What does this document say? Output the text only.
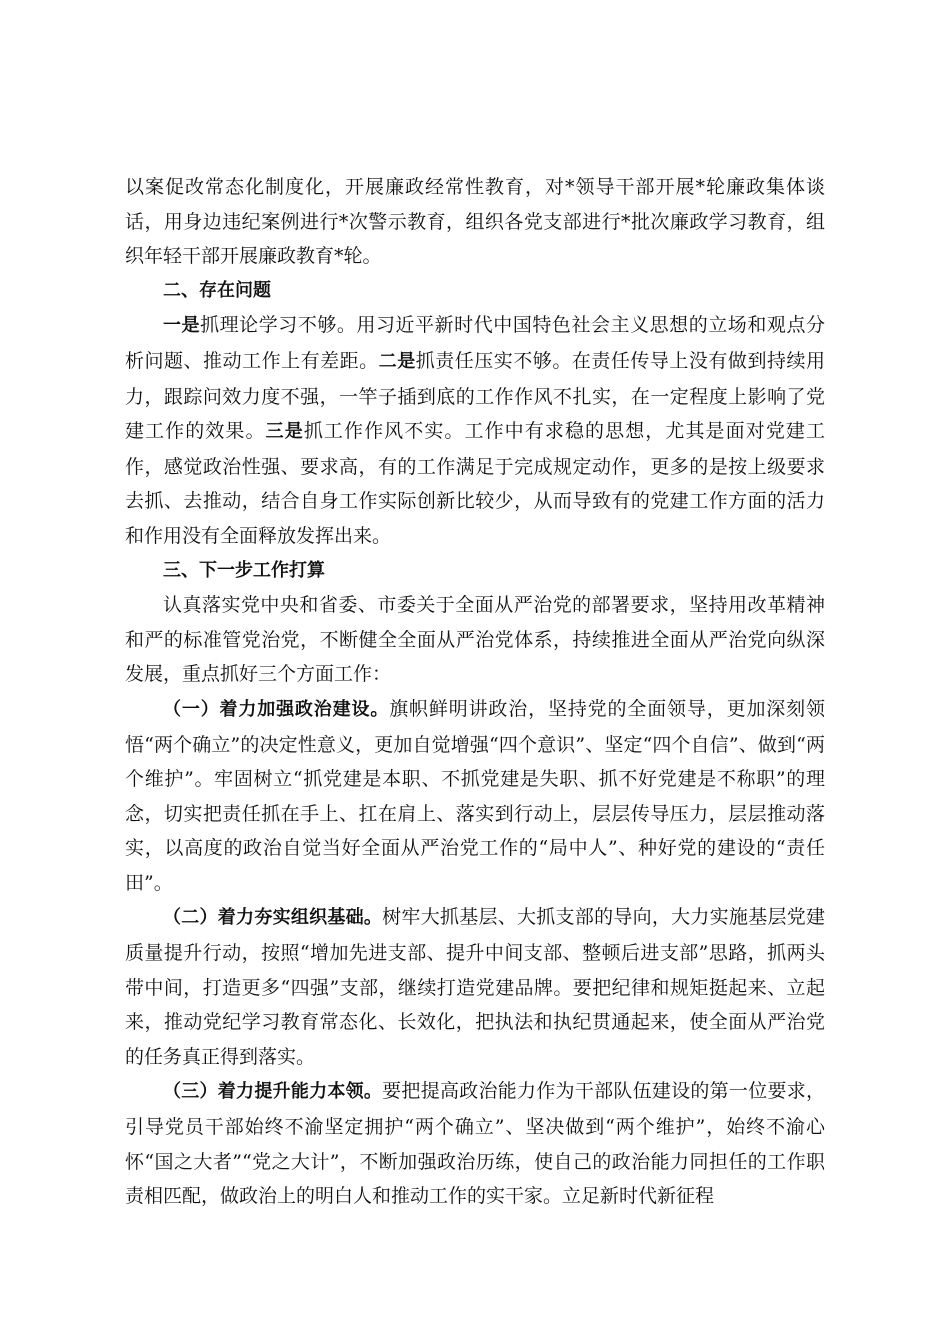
以案促改常态化制度化，开展廉政经常性教育，对*领导干部开展*轮廉政集体谈话，用身边违纪案例进行*次警示教育，组织各党支部进行*批次廉政学习教育，组织年轻干部开展廉政教育*轮。

二、存在问题

一是抓理论学习不够。用习近平新时代中国特色社会主义思想的立场和观点分析问题、推动工作上有差距。二是抓责任压实不够。在责任传导上没有做到持续用力，跟踪问效力度不强，一竿子插到底的工作作风不扎实，在一定程度上影响了党建工作的效果。三是抓工作作风不实。工作中有求稳的思想，尤其是面对党建工作，感觉政治性强、要求高，有的工作满足于完成规定动作，更多的是按上级要求去抓、去推动，结合自身工作实际创新比较少，从而导致有的党建工作方面的活力和作用没有全面释放发挥出来。

三、下一步工作打算

认真落实党中央和省委、市委关于全面从严治党的部署要求，坚持用改革精神和严的标准管党治党，不断健全全面从严治党体系，持续推进全面从严治党向纵深发展，重点抓好三个方面工作：

（一）着力加强政治建设。旗帜鲜明讲政治，坚持党的全面领导，更加深刻领悟“两个确立”的决定性意义，更加自觉增强“四个意识”、坚定“四个自信”、做到“两个维护”。牢固树立“抓党建是本职、不抓党建是失职、抓不好党建是不称职”的理念，切实把责任抓在手上、扛在肩上、落实到行动上，层层传导压力，层层推动落实，以高度的政治自觉当好全面从严治党工作的“局中人”、种好党的建设的“责任田”。

（二）着力夯实组织基础。树牢大抓基层、大抓支部的导向，大力实施基层党建质量提升行动，按照“增加先进支部、提升中间支部、整顿后进支部”思路，抓两头带中间，打造更多“四强”支部，继续打造党建品牌。要把纪律和规矩挺起来、立起来，推动党纪学习教育常态化、长效化，把执法和执纪贯通起来，使全面从严治党的任务真正得到落实。

（三）着力提升能力本领。要把提高政治能力作为干部队伍建设的第一位要求，引导党员干部始终不渝坚定拥护“两个确立”、坚决做到“两个维护”，始终不渝心怀“国之大者”“党之大计”，不断加强政治历练，使自己的政治能力同担任的工作职责相匹配，做政治上的明白人和推动工作的实干家。立足新时代新征程
